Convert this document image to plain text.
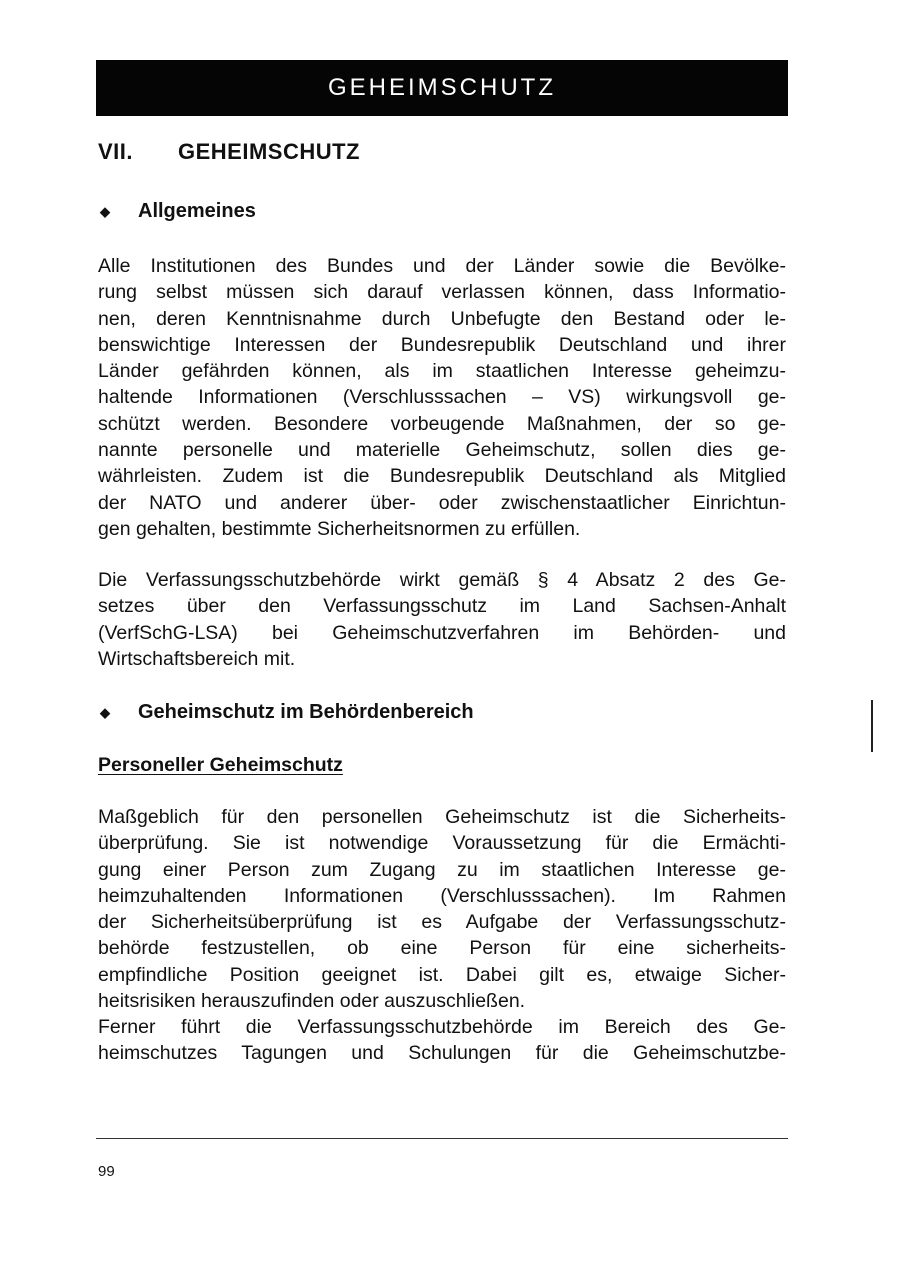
GEHEIMSCHUTZ
VII. GEHEIMSCHUTZ
◆	Allgemeines
Alle Institutionen des Bundes und der Länder sowie die Bevölke-
rung selbst müssen sich darauf verlassen können, dass Informatio-
nen, deren Kenntnisnahme durch Unbefugte den Bestand oder le-
benswichtige Interessen der Bundesrepublik Deutschland und ihrer
Länder gefährden können, als im staatlichen Interesse geheimzu-
haltende Informationen (Verschlusssachen – VS) wirkungsvoll ge-
schützt werden. Besondere vorbeugende Maßnahmen, der so ge-
nannte personelle und materielle Geheimschutz, sollen dies ge-
währleisten. Zudem ist die Bundesrepublik Deutschland als Mitglied
der NATO und anderer über- oder zwischenstaatlicher Einrichtun-
gen gehalten, bestimmte Sicherheitsnormen zu erfüllen.
Die Verfassungsschutzbehörde wirkt gemäß § 4 Absatz 2 des Ge-
setzes über den Verfassungsschutz im Land Sachsen-Anhalt
(VerfSchG-LSA) bei Geheimschutzverfahren im Behörden- und
Wirtschaftsbereich mit.
◆	Geheimschutz im Behördenbereich
Personeller Geheimschutz
Maßgeblich für den personellen Geheimschutz ist die Sicherheits-
überprüfung. Sie ist notwendige Voraussetzung für die Ermächti-
gung einer Person zum Zugang zu im staatlichen Interesse ge-
heimzuhaltenden Informationen (Verschlusssachen). Im Rahmen
der Sicherheitsüberprüfung ist es Aufgabe der Verfassungsschutz-
behörde festzustellen, ob eine Person für eine sicherheits-
empfindliche Position geeignet ist. Dabei gilt es, etwaige Sicher-
heitsrisiken herauszufinden oder auszuschließen.
Ferner führt die Verfassungsschutzbehörde im Bereich des Ge-
heimschutzes Tagungen und Schulungen für die Geheimschutzbe-
99
